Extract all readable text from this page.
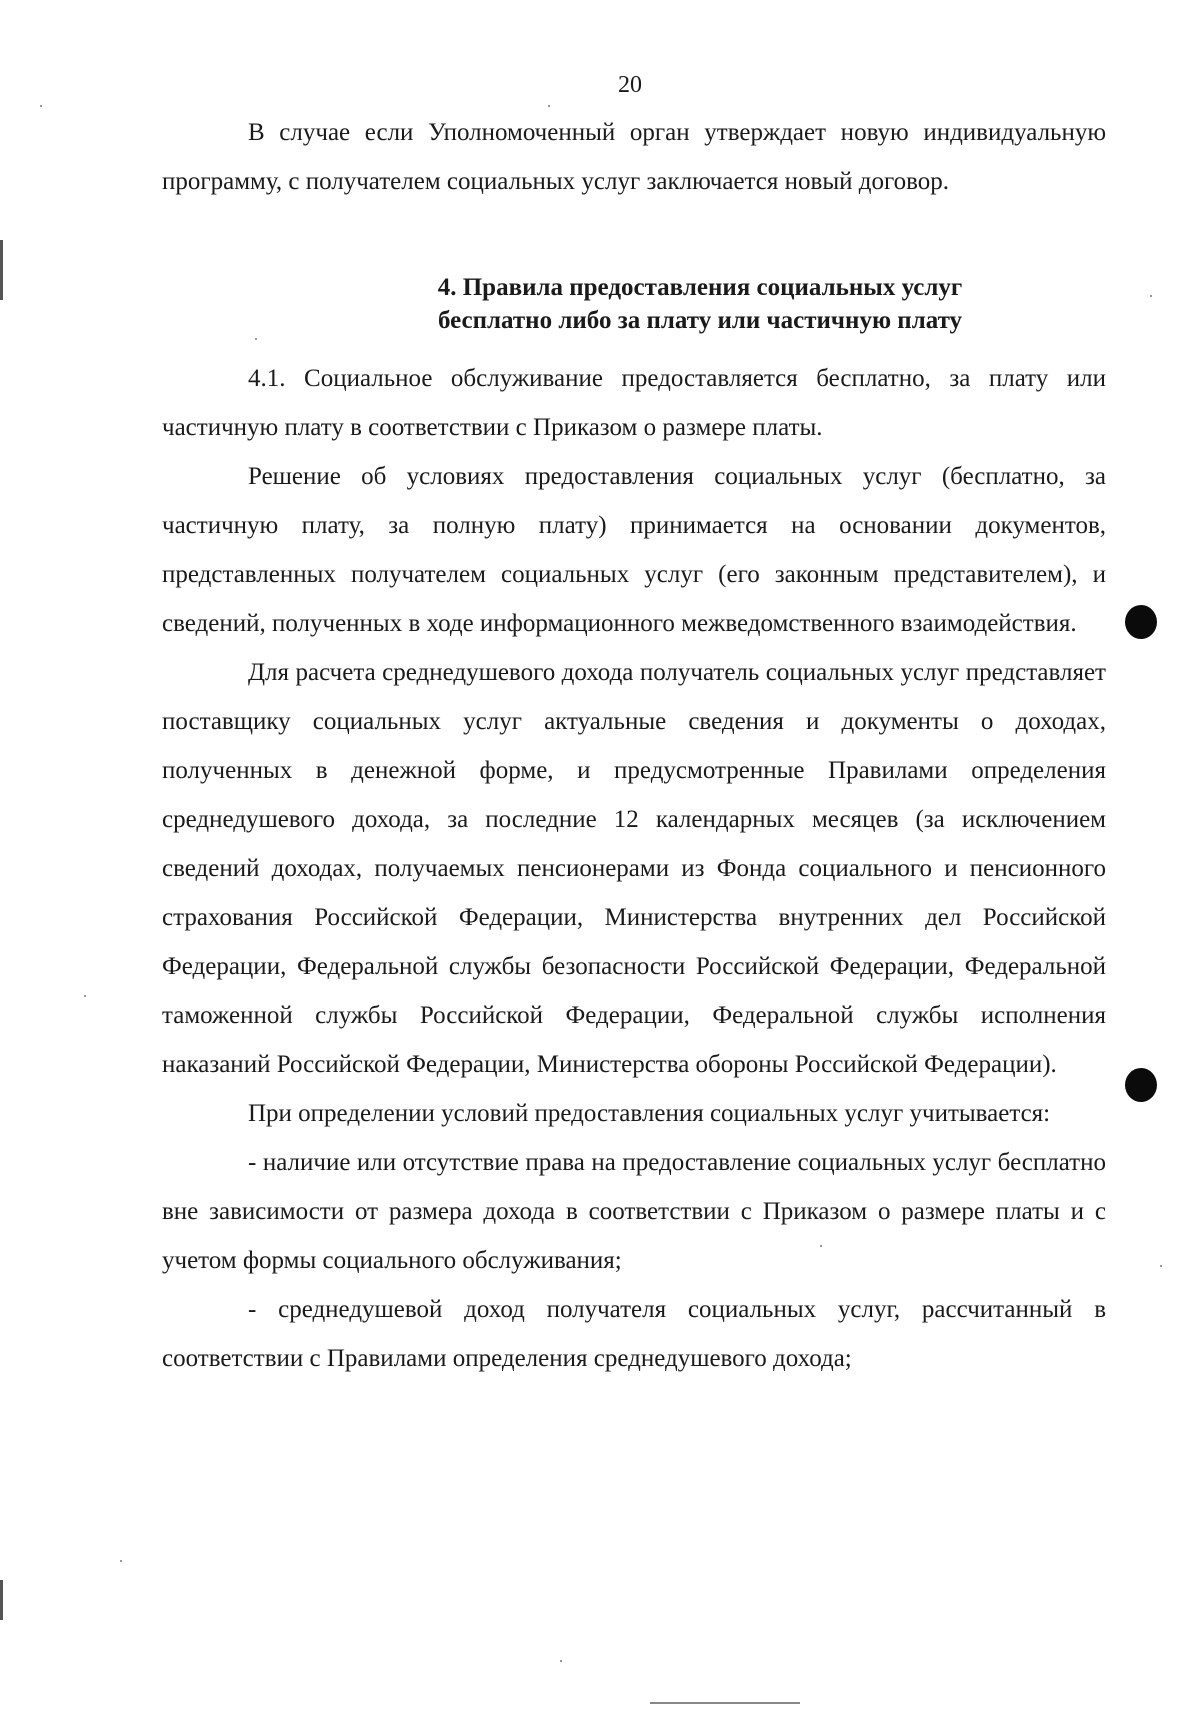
20

В случае если Уполномоченный орган утверждает новую индивидуальную программу, с получателем социальных услуг заключается новый договор.

4. Правила предоставления социальных услуг
бесплатно либо за плату или частичную плату

4.1. Социальное обслуживание предоставляется бесплатно, за плату или частичную плату в соответствии с Приказом о размере платы.

Решение об условиях предоставления социальных услуг (бесплатно, за частичную плату, за полную плату) принимается на основании документов, представленных получателем социальных услуг (его законным представителем), и сведений, полученных в ходе информационного межведомственного взаимодействия.

Для расчета среднедушевого дохода получатель социальных услуг представляет поставщику социальных услуг актуальные сведения и документы о доходах, полученных в денежной форме, и предусмотренные Правилами определения среднедушевого дохода, за последние 12 календарных месяцев (за исключением сведений доходах, получаемых пенсионерами из Фонда социального и пенсионного страхования Российской Федерации, Министерства внутренних дел Российской Федерации, Федеральной службы безопасности Российской Федерации, Федеральной таможенной службы Российской Федерации, Федеральной службы исполнения наказаний Российской Федерации, Министерства обороны Российской Федерации).

При определении условий предоставления социальных услуг учитывается:

- наличие или отсутствие права на предоставление социальных услуг бесплатно вне зависимости от размера дохода в соответствии с Приказом о размере платы и с учетом формы социального обслуживания;

- среднедушевой доход получателя социальных услуг, рассчитанный в соответствии с Правилами определения среднедушевого дохода;
